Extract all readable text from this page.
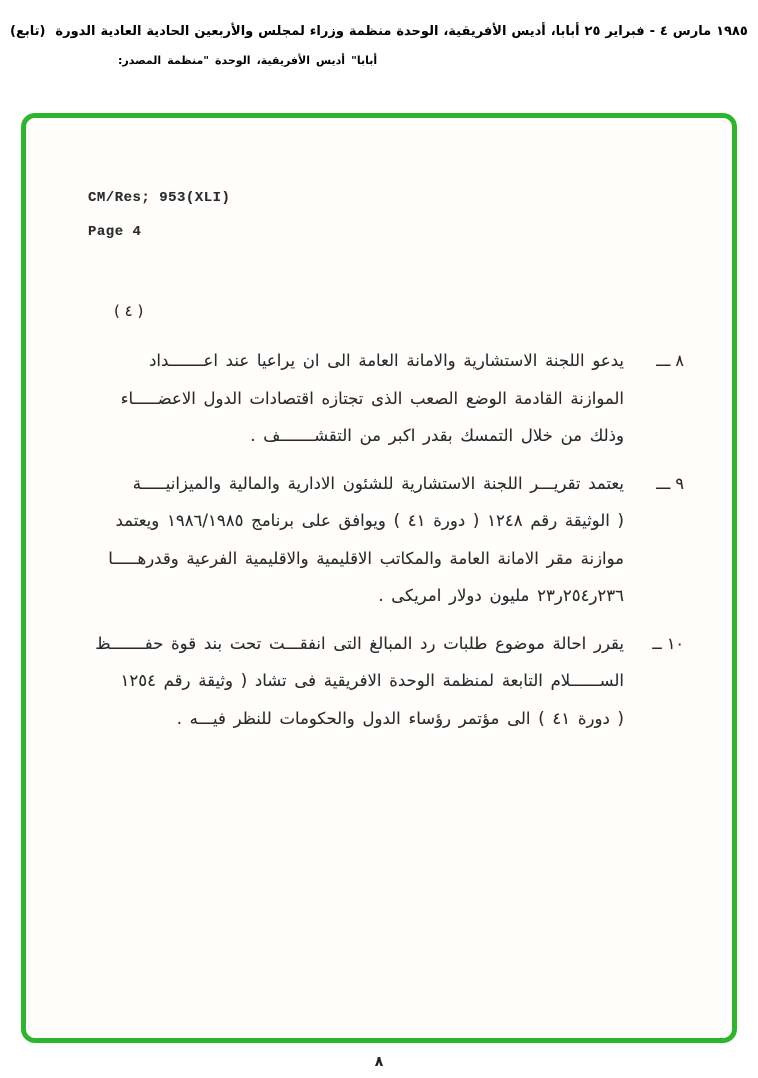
(تابع) الدورة العادية الحادية والأربعين لمجلس وزراء منظمة الوحدة الأفريقية، أديس أبابا، ٢٥ فبراير - ٤ مارس ١٩٨٥
المصدر: "منظمة الوحدة الأفريقية، أديس أبابا"
CM/Res; 953(XLI)
Page 4
( ٤ )
٨ ـــ
يدعو اللجنة الاستشارية والامانة العامة الى ان يراعيا عند اعـــــــداد
الموازنة القادمة الوضع الصعب الذى تجتازه اقتصادات الدول الاعضـــــاء
وذلك من خلال التمسك بقدر اكبر من التقشـــــــف .
٩ ـــ
يعتمد تقريـــر اللجنة الاستشارية للشئون الادارية والمالية والميزانيـــــة
( الوثيقة رقم ١٢٤٨ ( دورة ٤١ ) ويوافق على برنامج ١٩٨٦/١٩٨٥ ويعتمد
موازنة مقر الامانة العامة والمكاتب الاقليمية والاقليمية الفرعية وقدرهـــــا
٢٣٦ر٢٥٤ر٢٣ مليون دولار امريكى .
١٠ ــ
يقرر احالة موضوع طلبات رد المبالغ التى انفقـــت تحت بند قوة حفـــــــظ
الســــــلام التابعة لمنظمة الوحدة الافريقية فى تشاد ( وثيقة رقم ١٢٥٤
( دورة ٤١ ) الى مؤتمر رؤساء الدول والحكومات للنظر فيـــه .
٨
